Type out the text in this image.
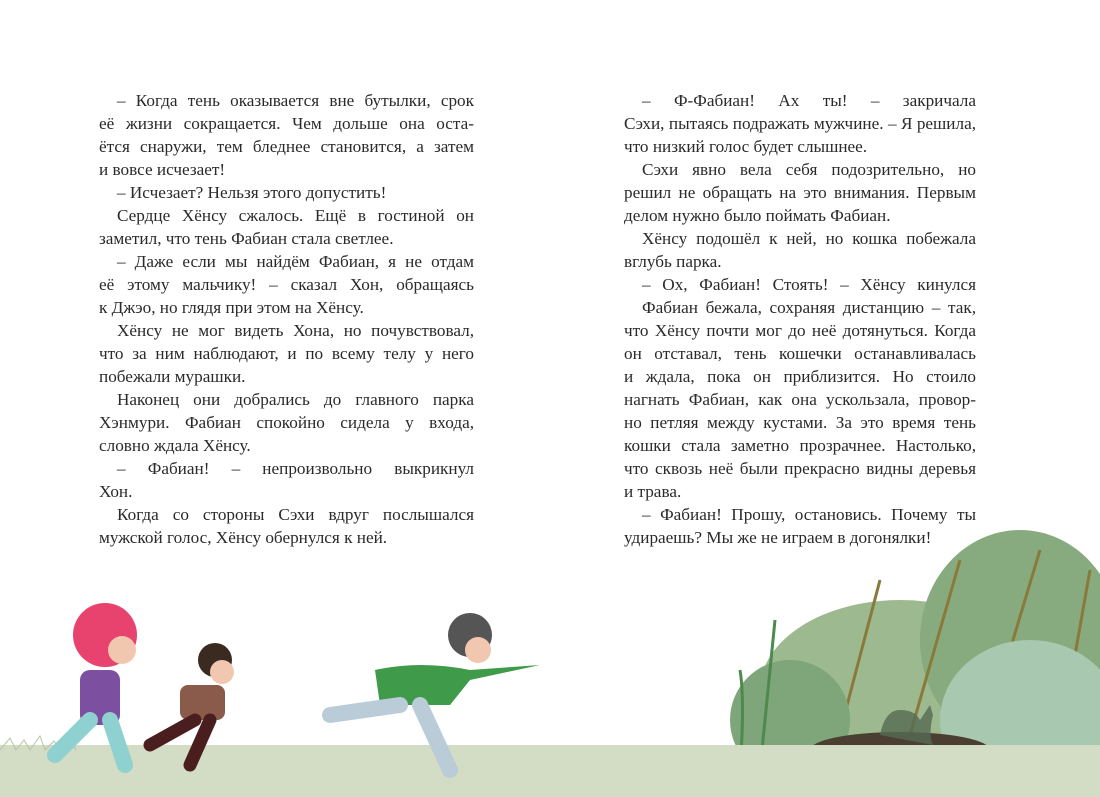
– Когда тень оказывается вне бутылки, срок
её жизни сокращается. Чем дольше она оста-
ётся снаружи, тем бледнее становится, а затем
и вовсе исчезает!
– Исчезает? Нельзя этого допустить!
Сердце Хёнсу сжалось. Ещё в гостиной он
заметил, что тень Фабиан стала светлее.
– Даже если мы найдём Фабиан, я не отдам
её этому мальчику! – сказал Хон, обращаясь
к Джэо, но глядя при этом на Хёнсу.
Хёнсу не мог видеть Хона, но почувствовал,
что за ним наблюдают, и по всему телу у него
побежали мурашки.
Наконец они добрались до главного парка
Хэнмури. Фабиан спокойно сидела у входа,
словно ждала Хёнсу.
– Фабиан! – непроизвольно выкрикнул
Хон.
Когда со стороны Сэхи вдруг послышался
мужской голос, Хёнсу обернулся к ней.
– Ф-Фабиан! Ах ты! – закричала
Сэхи, пытаясь подражать мужчине. – Я решила,
что низкий голос будет слышнее.
Сэхи явно вела себя подозрительно, но
решил не обращать на это внимания. Первым
делом нужно было поймать Фабиан.
Хёнсу подошёл к ней, но кошка побежала
вглубь парка.
– Ох, Фабиан! Стоять! – Хёнсу кинулся
Фабиан бежала, сохраняя дистанцию – так,
что Хёнсу почти мог до неё дотянуться. Когда
он отставал, тень кошечки останавливалась
и ждала, пока он приблизится. Но стоило
нагнать Фабиан, как она ускользала, провор-
но петляя между кустами. За это время тень
кошки стала заметно прозрачнее. Настолько,
что сквозь неё были прекрасно видны деревья
и трава.
– Фабиан! Прошу, остановись. Почему ты
удираешь? Мы же не играем в догонялки!
